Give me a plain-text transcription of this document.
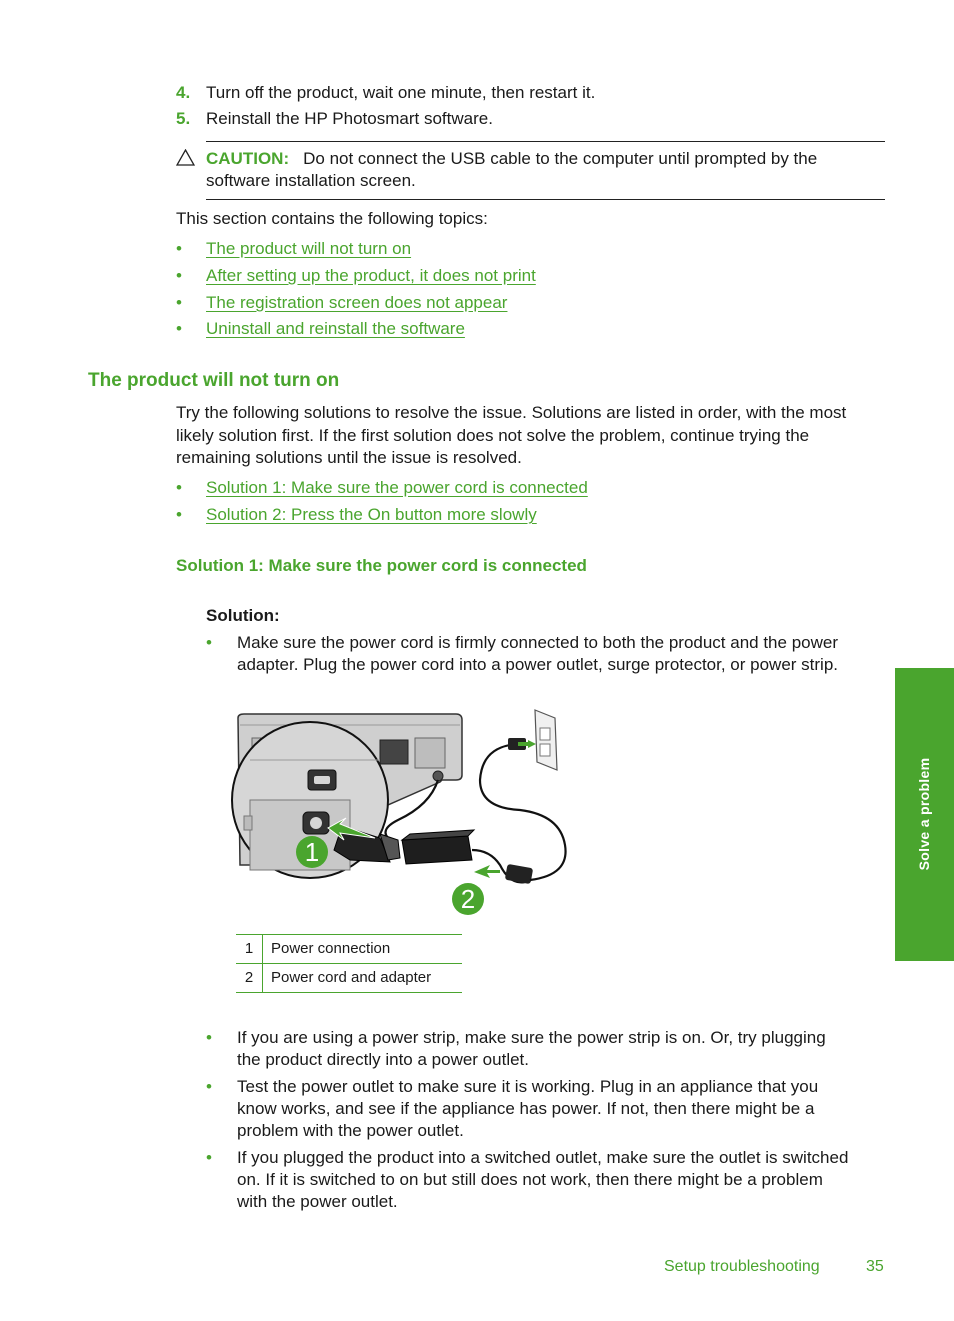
4. Turn off the product, wait one minute, then restart it.
5. Reinstall the HP Photosmart software.
CAUTION: Do not connect the USB cable to the computer until prompted by the
software installation screen.
This section contains the following topics:
• The product will not turn on
• After setting up the product, it does not print
• The registration screen does not appear
• Uninstall and reinstall the software
The product will not turn on
Try the following solutions to resolve the issue. Solutions are listed in order, with the most
likely solution first. If the first solution does not solve the problem, continue trying the
remaining solutions until the issue is resolved.
• Solution 1: Make sure the power cord is connected
• Solution 2: Press the On button more slowly
Solution 1: Make sure the power cord is connected
Solution:
• Make sure the power cord is firmly connected to both the product and the power
adapter. Plug the power cord into a power outlet, surge protector, or power strip.
1
2
1	Power connection
2	Power cord and adapter
• If you are using a power strip, make sure the power strip is on. Or, try plugging
the product directly into a power outlet.
• Test the power outlet to make sure it is working. Plug in an appliance that you
know works, and see if the appliance has power. If not, then there might be a
problem with the power outlet.
• If you plugged the product into a switched outlet, make sure the outlet is switched
on. If it is switched to on but still does not work, then there might be a problem
with the power outlet.
Solve a problem
Setup troubleshooting	35
